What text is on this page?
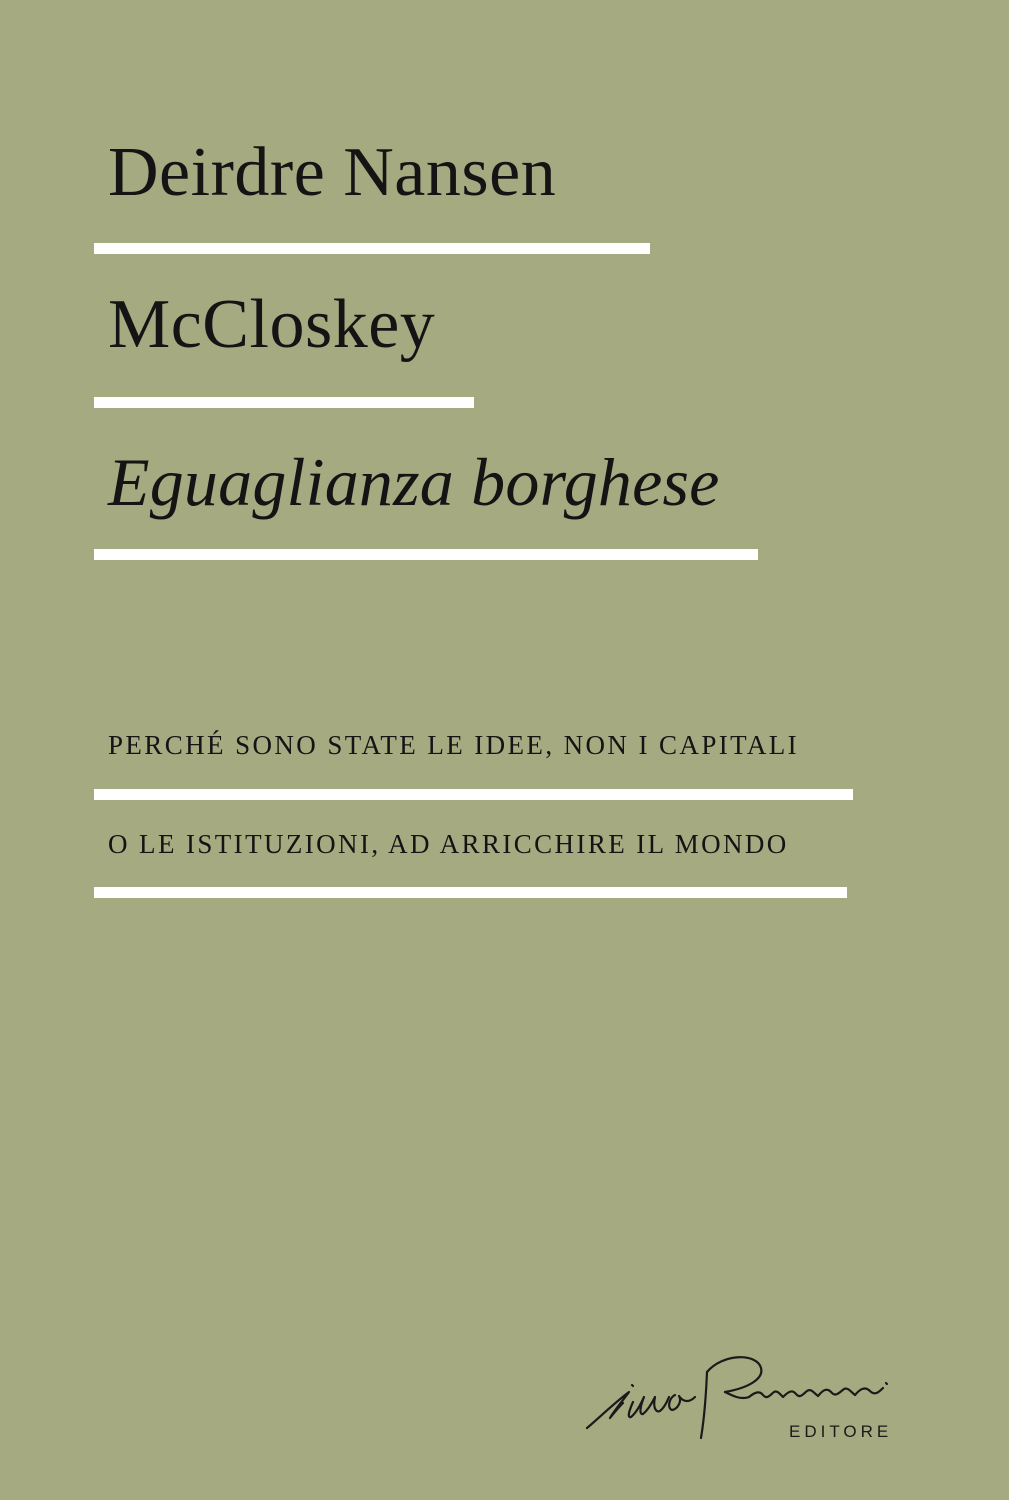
Deirdre Nansen
McCloskey
Eguaglianza borghese

PERCHÉ SONO STATE LE IDEE, NON I CAPITALI

O LE ISTITUZIONI, AD ARRICCHIRE IL MONDO

EDITORE
